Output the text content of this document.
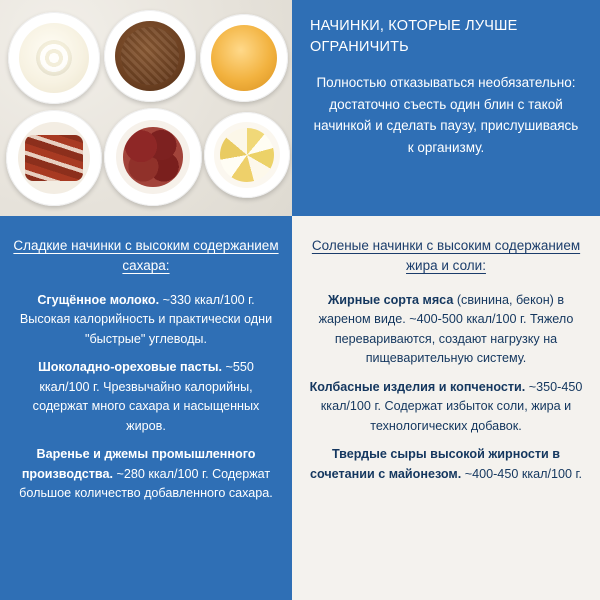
НАЧИНКИ, КОТОРЫЕ ЛУЧШЕ ОГРАНИЧИТЬ

Полностью отказываться необязательно: достаточно съесть один блин с такой начинкой и сделать паузу, прислушиваясь к организму.

Сладкие начинки с высоким содержанием сахара:

Сгущённое молоко. ~330 ккал/100 г. Высокая калорийность и практически одни "быстрые" углеводы.

Шоколадно-ореховые пасты. ~550 ккал/100 г. Чрезвычайно калорийны, содержат много сахара и насыщенных жиров.

Варенье и джемы промышленного производства. ~280 ккал/100 г. Содержат большое количество добавленного сахара.

Соленые начинки с высоким содержанием жира и соли:

Жирные сорта мяса (свинина, бекон) в жареном виде. ~400-500 ккал/100 г. Тяжело перевариваются, создают нагрузку на пищеварительную систему.

Колбасные изделия и копчености. ~350-450 ккал/100 г. Содержат избыток соли, жира и технологических добавок.

Твердые сыры высокой жирности в сочетании с майонезом. ~400-450 ккал/100 г.
